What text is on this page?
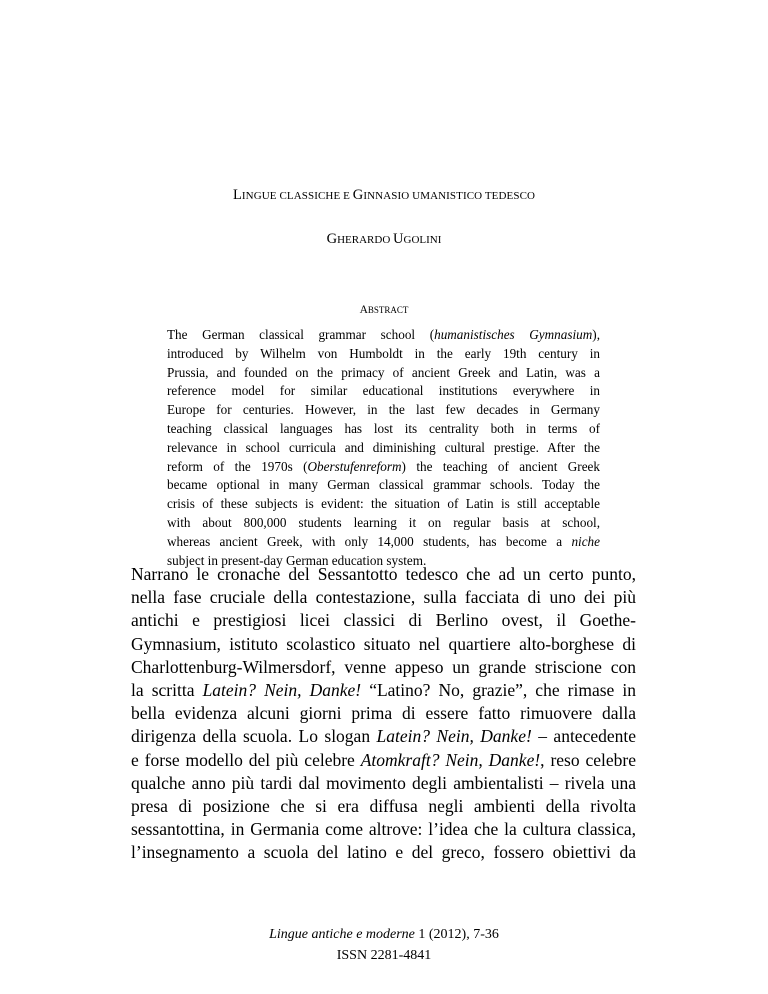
LINGUE CLASSICHE E GINNASIO UMANISTICO TEDESCO
GHERARDO UGOLINI
ABSTRACT
The German classical grammar school (humanistisches Gymnasium),
introduced by Wilhelm von Humboldt in the early 19th century in
Prussia, and founded on the primacy of ancient Greek and Latin, was a
reference model for similar educational institutions everywhere in
Europe for centuries. However, in the last few decades in Germany
teaching classical languages has lost its centrality both in terms of
relevance in school curricula and diminishing cultural prestige. After the
reform of the 1970s (Oberstufenreform) the teaching of ancient Greek
became optional in many German classical grammar schools. Today the
crisis of these subjects is evident: the situation of Latin is still acceptable
with about 800,000 students learning it on regular basis at school,
whereas ancient Greek, with only 14,000 students, has become a niche
subject in present-day German education system.
Narrano le cronache del Sessantotto tedesco che ad un certo punto,
nella fase cruciale della contestazione, sulla facciata di uno dei più
antichi e prestigiosi licei classici di Berlino ovest, il Goethe-
Gymnasium, istituto scolastico situato nel quartiere alto-borghese di
Charlottenburg-Wilmersdorf, venne appeso un grande striscione con
la scritta Latein? Nein, Danke! “Latino? No, grazie”, che rimase in
bella evidenza alcuni giorni prima di essere fatto rimuovere dalla
dirigenza della scuola. Lo slogan Latein? Nein, Danke! – antecedente
e forse modello del più celebre Atomkraft? Nein, Danke!, reso celebre
qualche anno più tardi dal movimento degli ambientalisti – rivela una
presa di posizione che si era diffusa negli ambienti della rivolta
sessantottina, in Germania come altrove: l’idea che la cultura classica,
l’insegnamento a scuola del latino e del greco, fossero obiettivi da
Lingue antiche e moderne 1 (2012), 7-36
ISSN 2281-4841
